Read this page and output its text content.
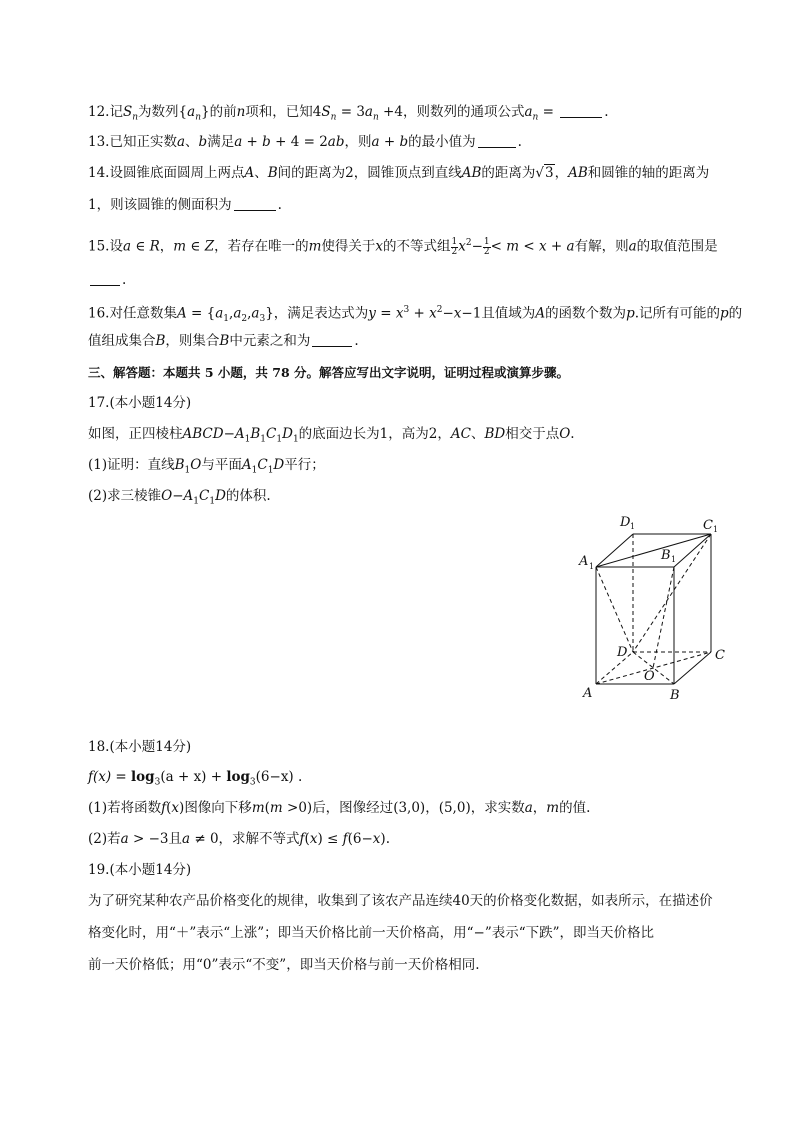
12.记$S_n$为数列$\{a_n\}$的前n项和，已知$4S_n = 3a_n +4$，则数列的通项公式$a_n$ =	.
13.已知正实数a、b满足a + b + 4 = 2ab，则a + b的最小值为	.
14.设圆锥底面圆周上两点A、B间的距离为2，圆锥顶点到直线AB的距离为√3，AB和圆锥的轴的距离为
1，则该圆锥的侧面积为	.
15.设a ∈ R，m ∈ Z，若存在唯一的m使得关于x的不等式组 $\frac{1}{2} x^2- \frac{1}{2} < m < x + a$有解，则a的取值范围是
.
16.对任意数集$A = \{a_1,a_2,a_3\}$，满足表达式为$y = x^3 + x^2-x-1$且值域为A的函数个数为p.记所有可能的p的
值组成集合B，则集合B中元素之和为	.
三、解答题：本题共 5 小题，共 78 分。解答应写出文字说明，证明过程或演算步骤。
17.(本小题14分)
如图，正四棱柱$ABCD-A_1B_1C_1D_1$的底面边长为1，高为2，AC、BD相交于点O.
(1)证明：直线$B_1O$与平面$A_1C_1D$平行；
(2)求三棱锥$O-A_1C_1D$的体积.
D 1	C 1
A 1
B 1
D	C
O
A	B
18.(本小题14分)
$f(x) = \log_3(a + x) + \log_3(6-x)$ .
(1)若将函数f(x)图像向下移m(m >0)后，图像经过(3,0)，(5,0)，求实数a，m的值.
(2)若a > −3且a ≠ 0，求解不等式f(x) ≤ f(6−x).
19.(本小题14分)
为了研究某种农产品价格变化的规律，收集到了该农产品连续40天的价格变化数据，如表所示，在描述价
格变化时，用“＋”表示“上涨”；即当天价格比前一天价格高，用“−”表示“下跌”，即当天价格比
前一天价格低；用“0”表示“不变”，即当天价格与前一天价格相同.
